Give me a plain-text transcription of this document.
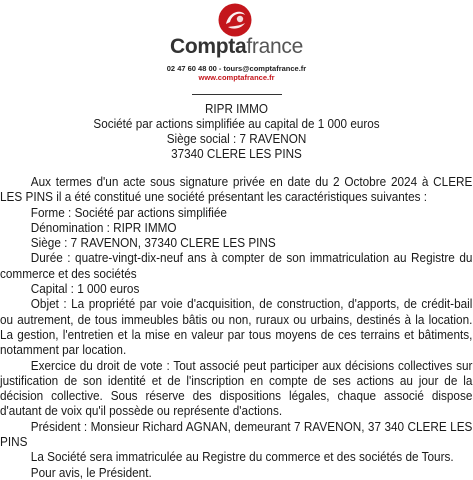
Comptafrance
02 47 60 48 00 - tours@comptafrance.fr
www.comptafrance.fr
RIPR IMMO
Société par actions simplifiée au capital de 1 000 euros
Siège social : 7 RAVENON
37340 CLERE LES PINS

Aux termes d'un acte sous signature privée en date du 2 Octobre 2024 à CLERE LES PINS il a été constitué une société présentant les caractéristiques suivantes :

Forme : Société par actions simplifiée

Dénomination : RIPR IMMO

Siège : 7 RAVENON, 37340 CLERE LES PINS

Durée : quatre-vingt-dix-neuf ans à compter de son immatriculation au Registre du commerce et des sociétés

Capital : 1 000 euros

Objet : La propriété par voie d'acquisition, de construction, d'apports, de crédit-bail ou autrement, de tous immeubles bâtis ou non, ruraux ou urbains, destinés à la location. La gestion, l'entretien et la mise en valeur par tous moyens de ces terrains et bâtiments, notamment par location.

Exercice du droit de vote : Tout associé peut participer aux décisions collectives sur justification de son identité et de l'inscription en compte de ses actions au jour de la décision collective. Sous réserve des dispositions légales, chaque associé dispose d'autant de voix qu'il possède ou représente d'actions.

Président : Monsieur Richard AGNAN, demeurant 7 RAVENON, 37 340 CLERE LES PINS

La Société sera immatriculée au Registre du commerce et des sociétés de Tours.

Pour avis, le Président.
